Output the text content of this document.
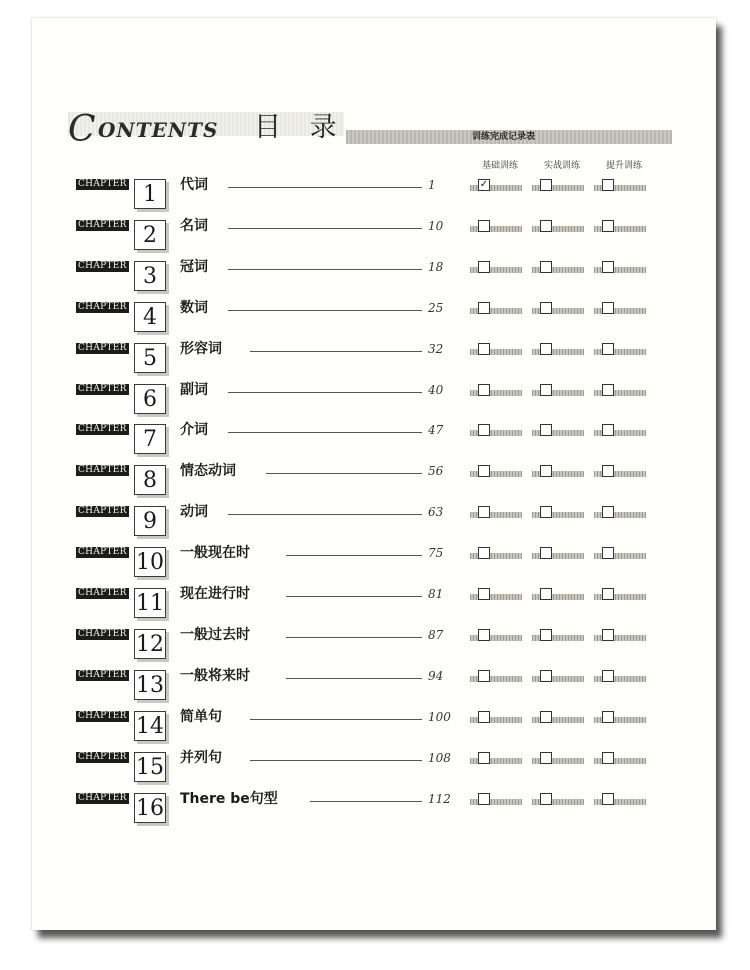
训练完成记录表
C ONTENTS 目 录
基础训练	实战训练	提升训练
CHAPTER 1	代词	1	✓
CHAPTER 2	名词	10
CHAPTER 3	冠词	18
CHAPTER 4	数词	25
CHAPTER 5	形容词	32
CHAPTER 6	副词	40
CHAPTER 7	介词	47
CHAPTER 8	情态动词	56
CHAPTER 9	动词	63
CHAPTER 10 一般现在时	75
CHAPTER 11 现在进行时	81
CHAPTER 12 一般过去时	87
CHAPTER 13 一般将来时	94
CHAPTER 14 简单句	100
CHAPTER 15 并列句	108
CHAPTER 16 There be句型	112
